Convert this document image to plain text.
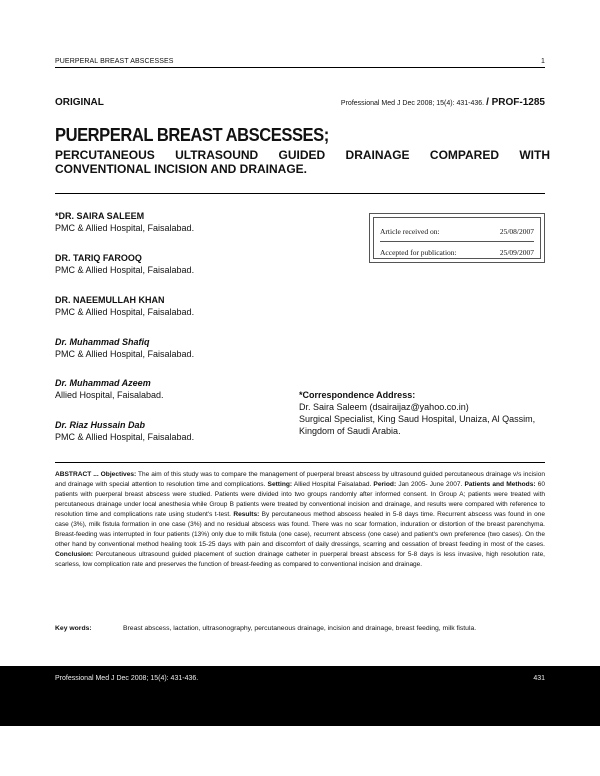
PUERPERAL BREAST ABSCESSES	1
ORIGINAL	Professional Med J Dec 2008; 15(4): 431-436. / PROF-1285
PUERPERAL BREAST ABSCESSES;
PERCUTANEOUS ULTRASOUND GUIDED DRAINAGE COMPARED WITH CONVENTIONAL INCISION AND DRAINAGE.
*DR. SAIRA SALEEM
PMC & Allied Hospital, Faisalabad.
DR. TARIQ FAROOQ
PMC & Allied Hospital, Faisalabad.
DR. NAEEMULLAH KHAN
PMC & Allied Hospital, Faisalabad.
Dr. Muhammad Shafiq
PMC & Allied Hospital, Faisalabad.
Dr. Muhammad Azeem
Allied Hospital, Faisalabad.
Dr. Riaz Hussain Dab
PMC & Allied Hospital, Faisalabad.
Article received on:	25/08/2007
Accepted for publication:	25/09/2007
*Correspondence Address:
Dr. Saira Saleem (dsairaijaz@yahoo.co.in)
Surgical Specialist, King Saud Hospital, Unaiza, Al Qassim,
Kingdom of Saudi Arabia.
ABSTRACT ... Objectives: The aim of this study was to compare the management of puerperal breast abscess by ultrasound guided percutaneous drainage v/s incision and drainage with special attention to resolution time and complications. Setting: Allied Hospital Faisalabad. Period: Jan 2005- June 2007. Patients and Methods: 60 patients with puerperal breast abscess were studied. Patients were divided into two groups randomly after informed consent. In Group A; patients were treated with percutaneous drainage under local anesthesia while Group B patients were treated by conventional incision and drainage, and results were compared with reference to resolution time and complications rate using student's t-test. Results: By percutaneous method abscess healed in 5-8 days time. Recurrent abscess was found in one case (3%), milk fistula formation in one case (3%) and no residual abscess was found. There was no scar formation, induration or distortion of the breast parenchyma. Breast-feeding was interrupted in four patients (13%) only due to milk fistula (one case), recurrent abscess (one case) and patient's own preference (two cases). On the other hand by conventional method healing took 15-25 days with pain and discomfort of daily dressings, scarring and cessation of breast feeding in most of the cases. Conclusion: Percutaneous ultrasound guided placement of suction drainage catheter in puerperal breast abscess for 5-8 days is less invasive, high resolution rate, scarless, low complication rate and preserves the function of breast-feeding as compared to conventional incision and drainage.
Key words:	Breast abscess, lactation, ultrasonography, percutaneous drainage, incision and drainage, breast feeding, milk fistula.
Professional Med J Dec 2008; 15(4): 431-436.	431
